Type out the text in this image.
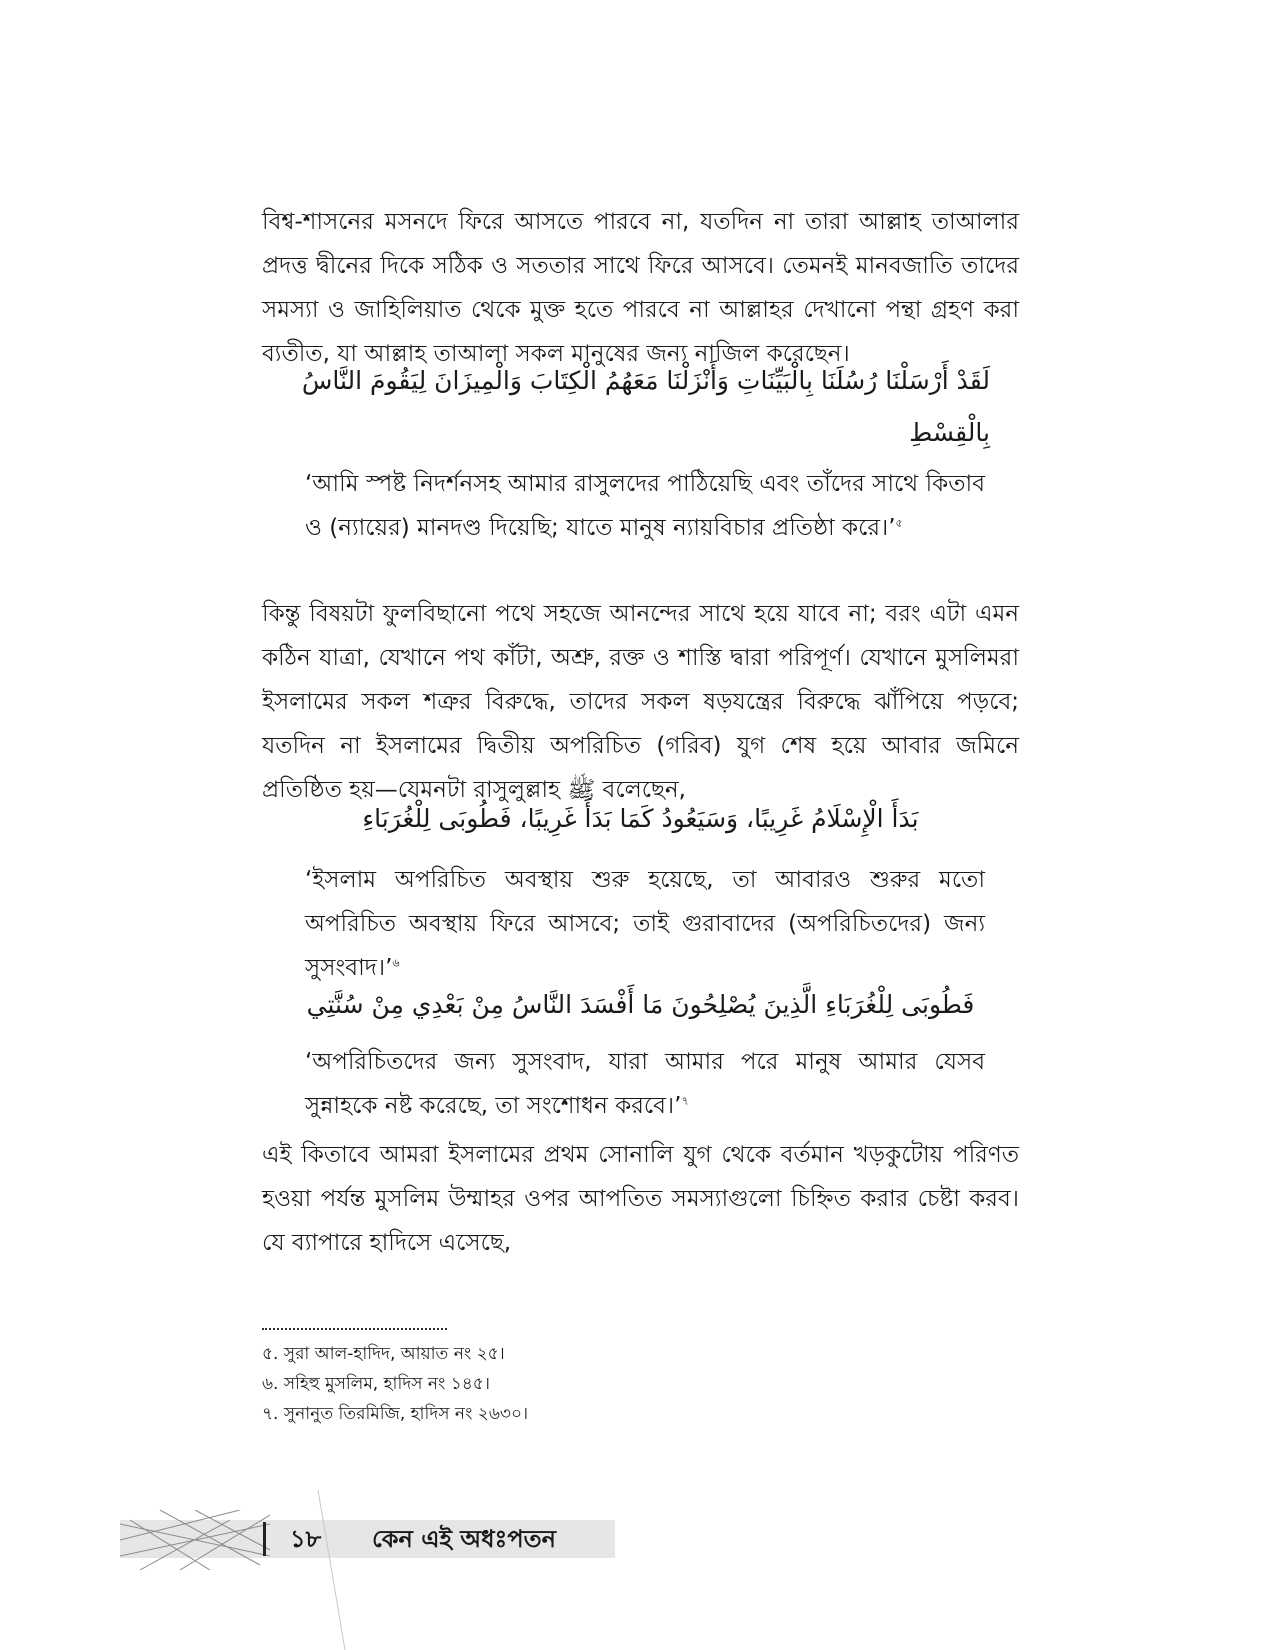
বিশ্ব-শাসনের মসনদে ফিরে আসতে পারবে না, যতদিন না তারা আল্লাহ তাআলার প্রদত্ত দ্বীনের দিকে সঠিক ও সততার সাথে ফিরে আসবে। তেমনই মানবজাতি তাদের সমস্যা ও জাহিলিয়াত থেকে মুক্ত হতে পারবে না আল্লাহর দেখানো পন্থা গ্রহণ করা ব্যতীত, যা আল্লাহ তাআলা সকল মানুষের জন্য নাজিল করেছেন।

لَقَدْ أَرْسَلْنَا رُسُلَنَا بِالْبَيِّنَاتِ وَأَنْزَلْنَا مَعَهُمُ الْكِتَابَ وَالْمِيزَانَ لِيَقُومَ النَّاسُ

بِالْقِسْطِ

‘আমি স্পষ্ট নিদর্শনসহ আমার রাসুলদের পাঠিয়েছি এবং তাঁদের সাথে কিতাব ও (ন্যায়ের) মানদণ্ড দিয়েছি; যাতে মানুষ ন্যায়বিচার প্রতিষ্ঠা করে।’$^৫$

কিন্তু বিষয়টা ফুলবিছানো পথে সহজে আনন্দের সাথে হয়ে যাবে না; বরং এটা এমন কঠিন যাত্রা, যেখানে পথ কাঁটা, অশ্রু, রক্ত ও শাস্তি দ্বারা পরিপূর্ণ। যেখানে মুসলিমরা ইসলামের সকল শত্রুর বিরুদ্ধে, তাদের সকল ষড়যন্ত্রের বিরুদ্ধে ঝাঁপিয়ে পড়বে; যতদিন না ইসলামের দ্বিতীয় অপরিচিত (গরিব) যুগ শেষ হয়ে আবার জমিনে প্রতিষ্ঠিত হয়—যেমনটা রাসুলুল্লাহ ﷺ বলেছেন,

بَدَأَ الْإِسْلَامُ غَرِيبًا، وَسَيَعُودُ كَمَا بَدَأَ غَرِيبًا، فَطُوبَى لِلْغُرَبَاءِ

‘ইসলাম অপরিচিত অবস্থায় শুরু হয়েছে, তা আবারও শুরুর মতো অপরিচিত অবস্থায় ফিরে আসবে; তাই গুরাবাদের (অপরিচিতদের) জন্য সুসংবাদ।’$^৬$

فَطُوبَى لِلْغُرَبَاءِ الَّذِينَ يُصْلِحُونَ مَا أَفْسَدَ النَّاسُ مِنْ بَعْدِي مِنْ سُنَّتِي

‘অপরিচিতদের জন্য সুসংবাদ, যারা আমার পরে মানুষ আমার যেসব সুন্নাহকে নষ্ট করেছে, তা সংশোধন করবে।’$^৭$

এই কিতাবে আমরা ইসলামের প্রথম সোনালি যুগ থেকে বর্তমান খড়কুটোয় পরিণত হওয়া পর্যন্ত মুসলিম উম্মাহর ওপর আপতিত সমস্যাগুলো চিহ্নিত করার চেষ্টা করব। যে ব্যাপারে হাদিসে এসেছে,

৫. সুরা আল-হাদিদ, আয়াত নং ২৫।

৬. সহিহু মুসলিম, হাদিস নং ১৪৫।

৭. সুনানুত তিরমিজি, হাদিস নং ২৬৩০।

১৮ কেন এই অধঃপতন
